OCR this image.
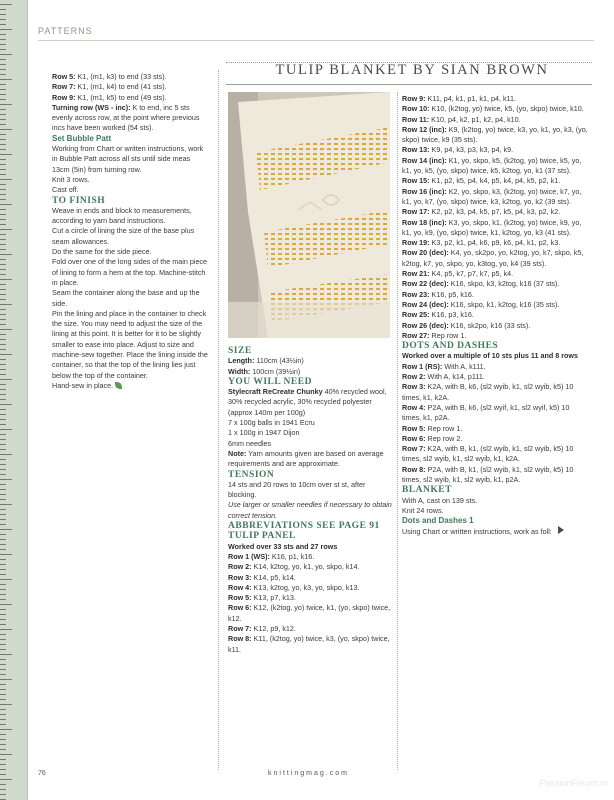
PATTERNS
TULIP BLANKET BY SIAN BROWN

Row 5: K1, (m1, k3) to end (33 sts).

Row 7: K1, (m1, k4) to end (41 sts).

Row 9: K1, (m1, k5) to end (49 sts).

Turning row (WS - inc): K to end, inc 5 sts evenly across row, at the point where previous incs have been worked (54 sts).

Set Bubble Patt

Working from Chart or written instructions, work in Bubble Patt across all sts until side meas 13cm (5in) from turning row.

Knit 3 rows.

Cast off.

TO FINISH

Weave in ends and block to measurements, according to yarn band instructions.

Cut a circle of lining the size of the base plus seam allowances.

Do the same for the side piece.

Fold over one of the long sides of the main piece of lining to form a hem at the top. Machine-stitch in place.

Seam the container along the base and up the side.

Pin the lining and place in the container to check the size. You may need to adjust the size of the lining at this point. It is better for it to be slightly smaller to ease into place. Adjust to size and machine-sew together. Place the lining inside the container, so that the top of the lining lies just below the top of the container.

Hand-sew in place.

SIZE

Length: 110cm (43½in)

Width: 100cm (39½in)

YOU WILL NEED

Stylecraft ReCreate Chunky 40% recycled wool, 30% recycled acrylic, 30% recycled polyester (approx 140m per 100g)

7 x 100g balls in 1941 Ecru

1 x 100g in 1947 Dijon

6mm needles

Note: Yarn amounts given are based on average requirements and are approximate.

TENSION

14 sts and 20 rows to 10cm over st st, after blocking.

Use larger or smaller needles if necessary to obtain correct tension.

ABBREVIATIONS SEE PAGE 91

TULIP PANEL

Worked over 33 sts and 27 rows

Row 1 (WS): K16, p1, k16.

Row 2: K14, k2tog, yo, k1, yo, skpo, k14.

Row 3: K14, p5, k14.

Row 4: K13, k2tog, yo, k3, yo, skpo, k13.

Row 5: K13, p7, k13.

Row 6: K12, (k2tog, yo) twice, k1, (yo, skpo) twice, k12.

Row 7: K12, p9, k12.

Row 8: K11, (k2tog, yo) twice, k3, (yo, skpo) twice, k11.

Row 9: K11, p4, k1, p1, k1, p4, k11.

Row 10: K10, (k2tog, yo) twice, k5, (yo, skpo) twice, k10.

Row 11: K10, p4, k2, p1, k2, p4, k10.

Row 12 (inc): K9, (k2tog, yo) twice, k3, yo, k1, yo, k3, (yo, skpo) twice, k9 (35 sts).

Row 13: K9, p4, k3, p3, k3, p4, k9.

Row 14 (inc): K1, yo, skpo, k5, (k2tog, yo) twice, k5, yo, k1, yo, k5, (yo, skpo) twice, k5, k2tog, yo, k1 (37 sts).

Row 15: K1, p2, k5, p4, k4, p5, k4, p4, k5, p2, k1.

Row 16 (inc): K2, yo, skpo, k3, (k2tog, yo) twice, k7, yo, k1, yo, k7, (yo, skpo) twice, k3, k2tog, yo, k2 (39 sts).

Row 17: K2, p2, k3, p4, k5, p7, k5, p4, k3, p2, k2.

Row 18 (inc): K3, yo, skpo, k1, (k2tog, yo) twice, k9, yo, k1, yo, k9, (yo, skpo) twice, k1, k2tog, yo, k3 (41 sts).

Row 19: K3, p2, k1, p4, k6, p9, k6, p4, k1, p2, k3.

Row 20 (dec): K4, yo, sk2po, yo, k2tog, yo, k7, skpo, k5, k2tog, k7, yo, skpo, yo, k3tog, yo, k4 (39 sts).

Row 21: K4, p5, k7, p7, k7, p5, k4.

Row 22 (dec): K16, skpo, k3, k2tog, k16 (37 sts).

Row 23: K16, p5, k16.

Row 24 (dec): K16, skpo, k1, k2tog, k16 (35 sts).

Row 25: K16, p3, k16.

Row 26 (dec): K16, sk2po, k16 (33 sts).

Row 27: Rep row 1.

DOTS AND DASHES

Worked over a multiple of 10 sts plus 11 and 8 rows

Row 1 (RS): With A, k111.

Row 2: With A, k14, p111.

Row 3: K2A, with B, k6, (sl2 wyib, k1, sl2 wyib, k5) 10 times, k1, k2A.

Row 4: P2A, with B, k6, (sl2 wyif, k1, sl2 wyif, k5) 10 times, k1, p2A.

Row 5: Rep row 1.

Row 6: Rep row 2.

Row 7: K2A, with B, k1, (sl2 wyib, k1, sl2 wyib, k5) 10 times, sl2 wyib, k1, sl2 wyib, k1, k2A.

Row 8: P2A, with B, k1, (sl2 wyib, k1, sl2 wyib, k5) 10 times, sl2 wyib, k1, sl2 wyib, k1, p2A.

BLANKET

With A, cast on 139 sts.

Knit 24 rows.

Dots and Dashes 1

Using Chart or written instructions, work as foll:

76	knittingmag.com
PassionForum.ru
